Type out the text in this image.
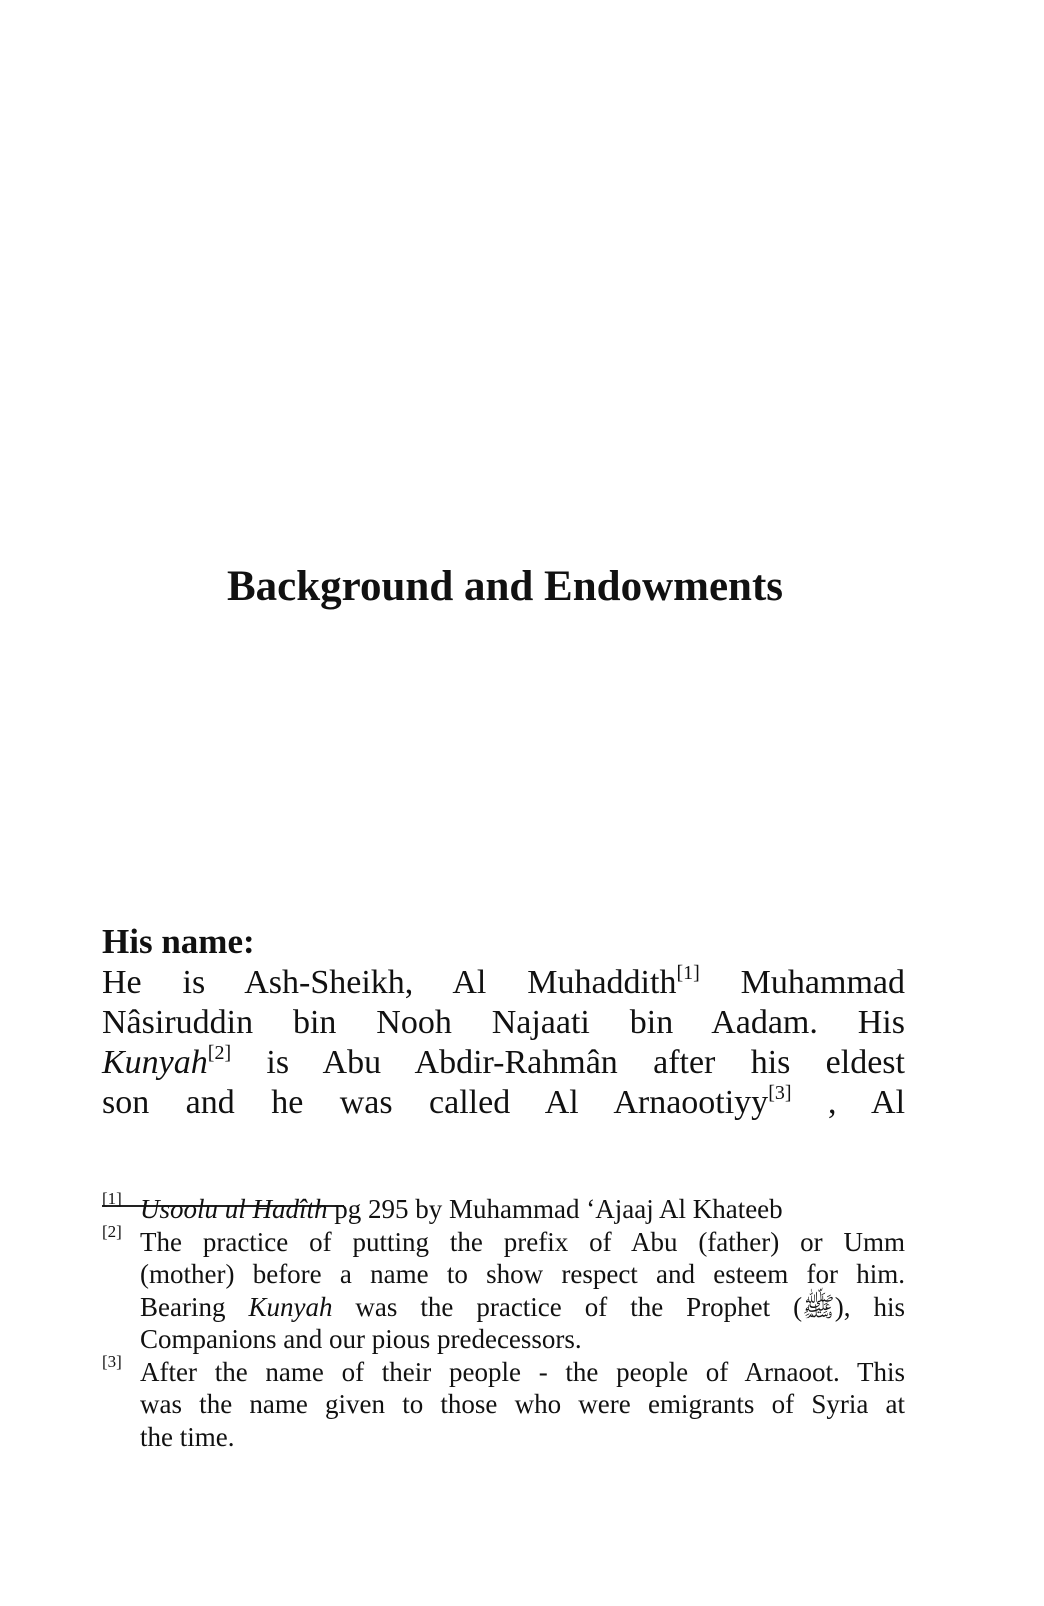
Background and Endowments
His name:
He is Ash-Sheikh, Al Muhaddith[1] Muhammad
Nâsiruddin bin Nooh Najaati bin Aadam. His
Kunyah[2] is Abu Abdir-Rahmân after his eldest
son and he was called Al Arnaootiyy[3] , Al
[1] Usoolu ul Hadîth pg 295 by Muhammad ‘Ajaaj Al Khateeb
[2] The practice of putting the prefix of Abu (father) or Umm
(mother) before a name to show respect and esteem for him.
Bearing Kunyah was the practice of the Prophet (ﷺ), his
Companions and our pious predecessors.
[3] After the name of their people - the people of Arnaoot. This
was the name given to those who were emigrants of Syria at
the time.
